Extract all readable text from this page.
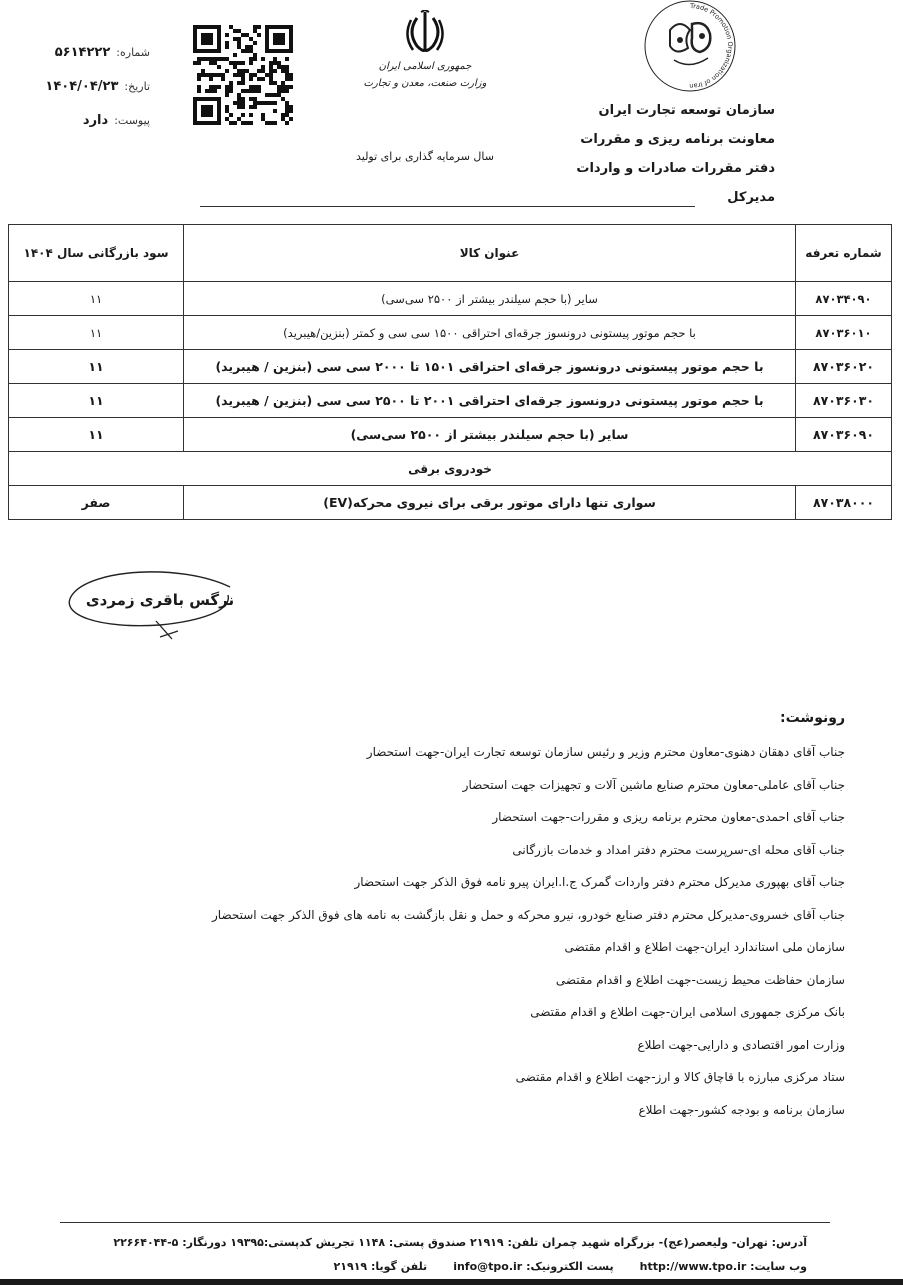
Trade Promotion Organization of Iran
سازمان توسعه تجارت ایران
معاونت برنامه ریزی و مقررات
دفتر مقررات صادرات و واردات
مدیرکل
جمهوری اسلامی ایران
وزارت صنعت، معدن و تجارت
سال سرمایه گذاری برای تولید
شماره:
۵۶۱۴۲۲۲
تاریخ:
۱۴۰۴/۰۴/۲۳
پیوست:
دارد
شماره تعرفه	عنوان کالا	سود بازرگانی سال ۱۴۰۴
۸۷۰۳۴۰۹۰	سایر (با حجم سیلندر بیشتر از ۲۵۰۰ سی‌سی)	۱۱
۸۷۰۳۶۰۱۰	با حجم موتور پیستونی درونسوز جرقه‌ای احتراقی ۱۵۰۰ سی سی و کمتر (بنزین/هیبرید)	۱۱
۸۷۰۳۶۰۲۰	با حجم موتور پیستونی درونسوز جرقه‌ای احتراقی ۱۵۰۱ تا ۲۰۰۰ سی سی (بنزین / هیبرید)	۱۱
۸۷۰۳۶۰۳۰	با حجم موتور پیستونی درونسوز جرقه‌ای احتراقی ۲۰۰۱ تا ۲۵۰۰ سی سی (بنزین / هیبرید)	۱۱
۸۷۰۳۶۰۹۰	سایر (با حجم سیلندر بیشتر از ۲۵۰۰ سی‌سی)	۱۱
خودروی برقی		
۸۷۰۳۸۰۰۰	سواری تنها دارای موتور برقی برای نیروی محرکه(EV)	صفر
نرگس باقری زمردی
رونوشت:
جناب آقای دهقان دهنوی-معاون محترم وزیر و رئیس سازمان توسعه تجارت ایران-جهت استحضار
جناب آقای عاملی-معاون محترم صنایع ماشین آلات و تجهیزات جهت استحضار
جناب آقای احمدی-معاون محترم برنامه ریزی و مقررات-جهت استحضار
جناب آقای محله ای-سرپرست محترم دفتر امداد و خدمات بازرگانی
جناب آقای بهپوری مدیرکل محترم دفتر واردات گمرک ج.ا.ایران پیرو نامه فوق الذکر جهت استحضار
جناب آقای خسروی-مدیرکل محترم دفتر صنایع خودرو، نیرو محرکه و حمل و نقل بازگشت به نامه های فوق الذکر جهت استحضار
سازمان ملی استاندارد ایران-جهت اطلاع و اقدام مقتضی
سازمان حفاظت محیط زیست-جهت اطلاع و اقدام مقتضی
بانک مرکزی جمهوری اسلامی ایران-جهت اطلاع و اقدام مقتضی
وزارت امور اقتصادی و دارایی-جهت اطلاع
ستاد مرکزی مبارزه با قاچاق کالا و ارز-جهت اطلاع و اقدام مقتضی
سازمان برنامه و بودجه کشور-جهت اطلاع
آدرس: تهران- ولیعصر(عج)- بزرگراه شهید چمران تلفن: ۲۱۹۱۹ صندوق پستی: ۱۱۴۸ تجریش کدپستی:۱۹۳۹۵ دورنگار: ۵-۲۲۶۶۴۰۴۴
وب سایت: http://www.tpo.ir
پست الکترونیک: info@tpo.ir
تلفن گویا: ۲۱۹۱۹
